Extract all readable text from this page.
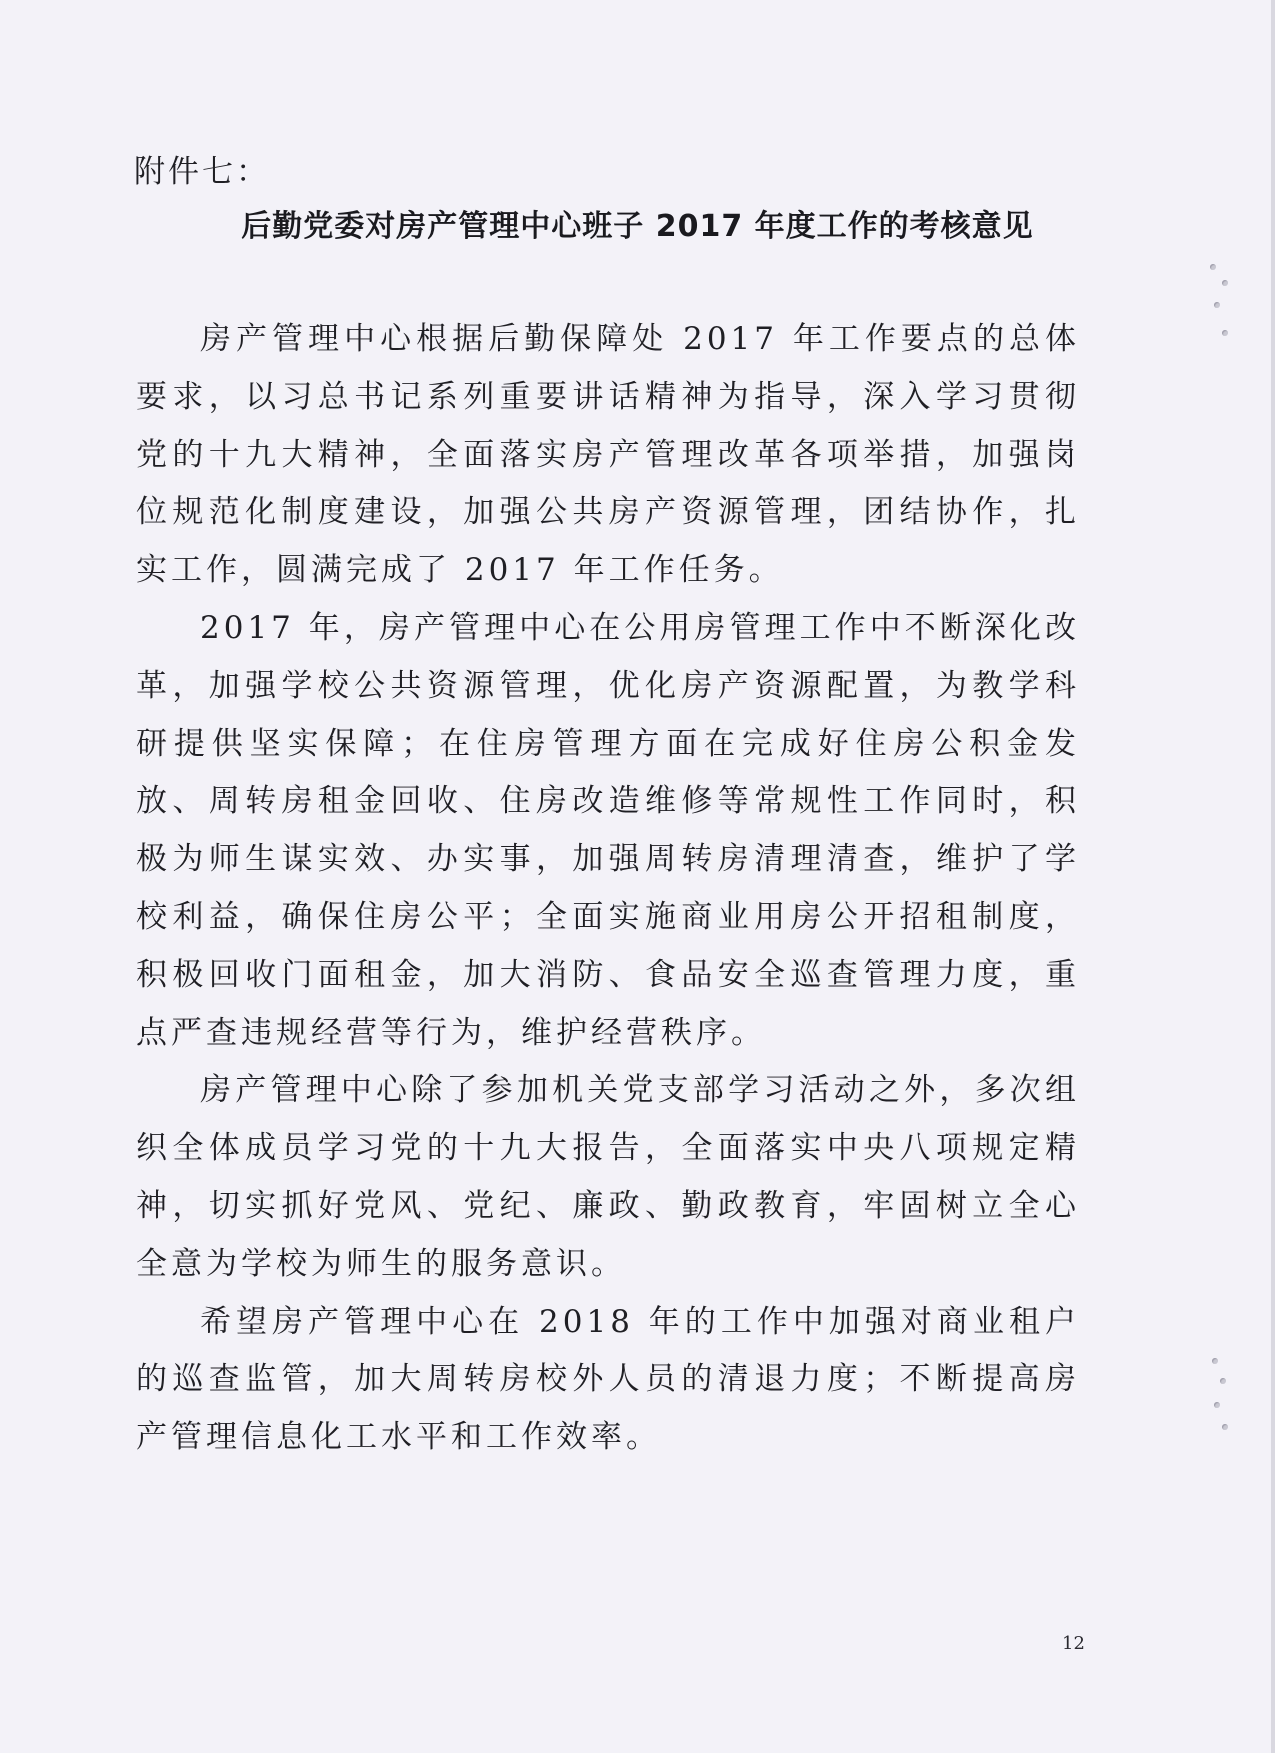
附件七：
后勤党委对房产管理中心班子 2017 年度工作的考核意见

房产管理中心根据后勤保障处 2017 年工作要点的总体要求，以习总书记系列重要讲话精神为指导，深入学习贯彻党的十九大精神，全面落实房产管理改革各项举措，加强岗位规范化制度建设，加强公共房产资源管理，团结协作，扎实工作，圆满完成了 2017 年工作任务。

2017 年，房产管理中心在公用房管理工作中不断深化改革，加强学校公共资源管理，优化房产资源配置，为教学科研提供坚实保障；在住房管理方面在完成好住房公积金发放、周转房租金回收、住房改造维修等常规性工作同时，积极为师生谋实效、办实事，加强周转房清理清查，维护了学校利益，确保住房公平；全面实施商业用房公开招租制度，积极回收门面租金，加大消防、食品安全巡查管理力度，重点严查违规经营等行为，维护经营秩序。

房产管理中心除了参加机关党支部学习活动之外，多次组织全体成员学习党的十九大报告，全面落实中央八项规定精神，切实抓好党风、党纪、廉政、勤政教育，牢固树立全心全意为学校为师生的服务意识。

希望房产管理中心在 2018 年的工作中加强对商业租户的巡查监管，加大周转房校外人员的清退力度；不断提高房产管理信息化工水平和工作效率。

12
